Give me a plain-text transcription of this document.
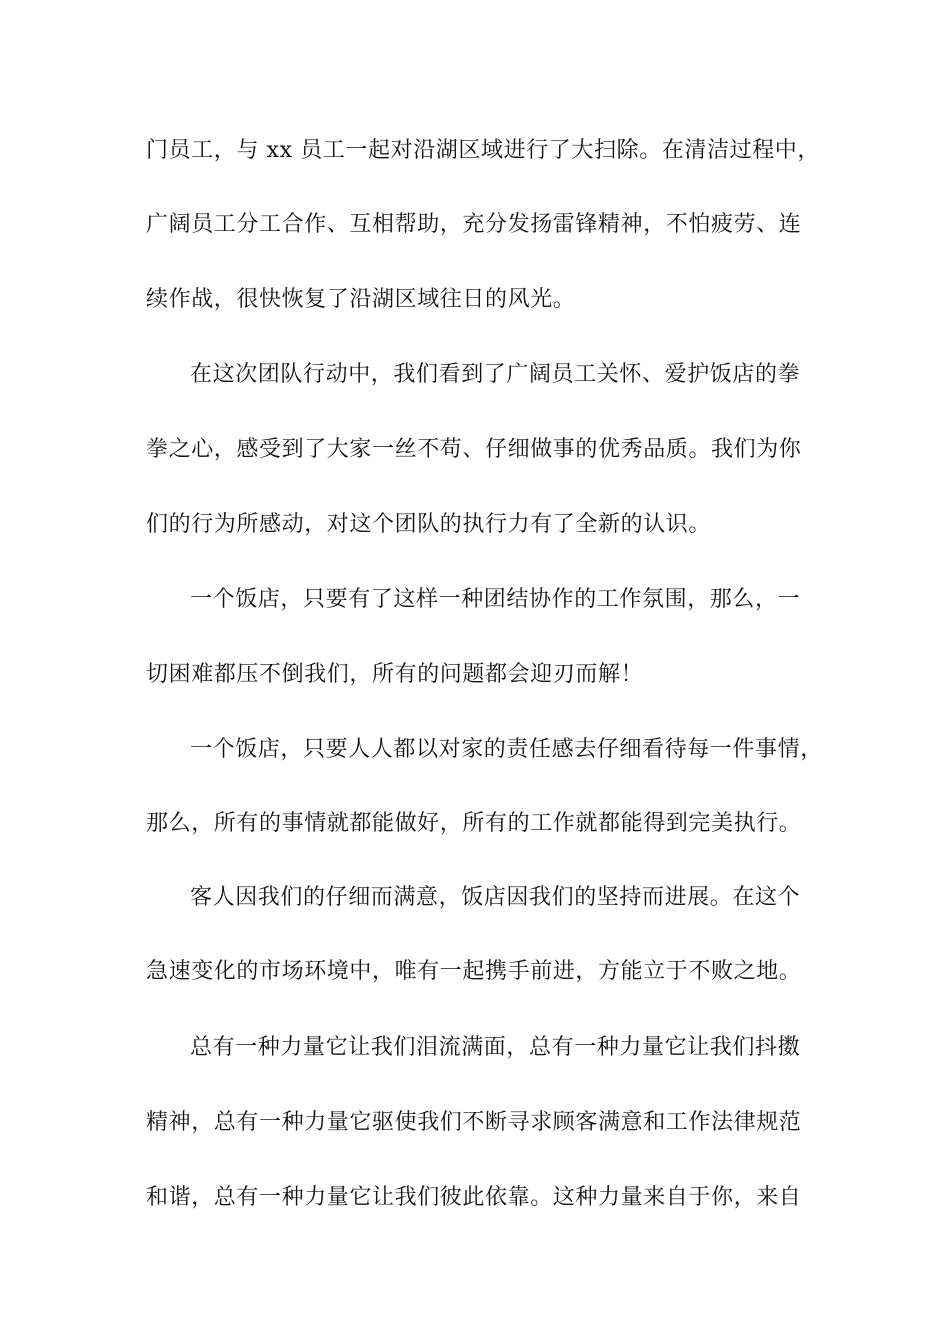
门员工，与 xx 员工一起对沿湖区域进行了大扫除。在清洁过程中，
广阔员工分工合作、互相帮助，充分发扬雷锋精神，不怕疲劳、连
续作战，很快恢复了沿湖区域往日的风光。
在这次团队行动中，我们看到了广阔员工关怀、爱护饭店的拳
拳之心，感受到了大家一丝不苟、仔细做事的优秀品质。我们为你
们的行为所感动，对这个团队的执行力有了全新的认识。
一个饭店，只要有了这样一种团结协作的工作氛围，那么，一
切困难都压不倒我们，所有的问题都会迎刃而解！
一个饭店，只要人人都以对家的责任感去仔细看待每一件事情，
那么，所有的事情就都能做好，所有的工作就都能得到完美执行。
客人因我们的仔细而满意，饭店因我们的坚持而进展。在这个
急速变化的市场环境中，唯有一起携手前进，方能立于不败之地。
总有一种力量它让我们泪流满面，总有一种力量它让我们抖擞
精神，总有一种力量它驱使我们不断寻求顾客满意和工作法律规范
和谐，总有一种力量它让我们彼此依靠。这种力量来自于你，来自
